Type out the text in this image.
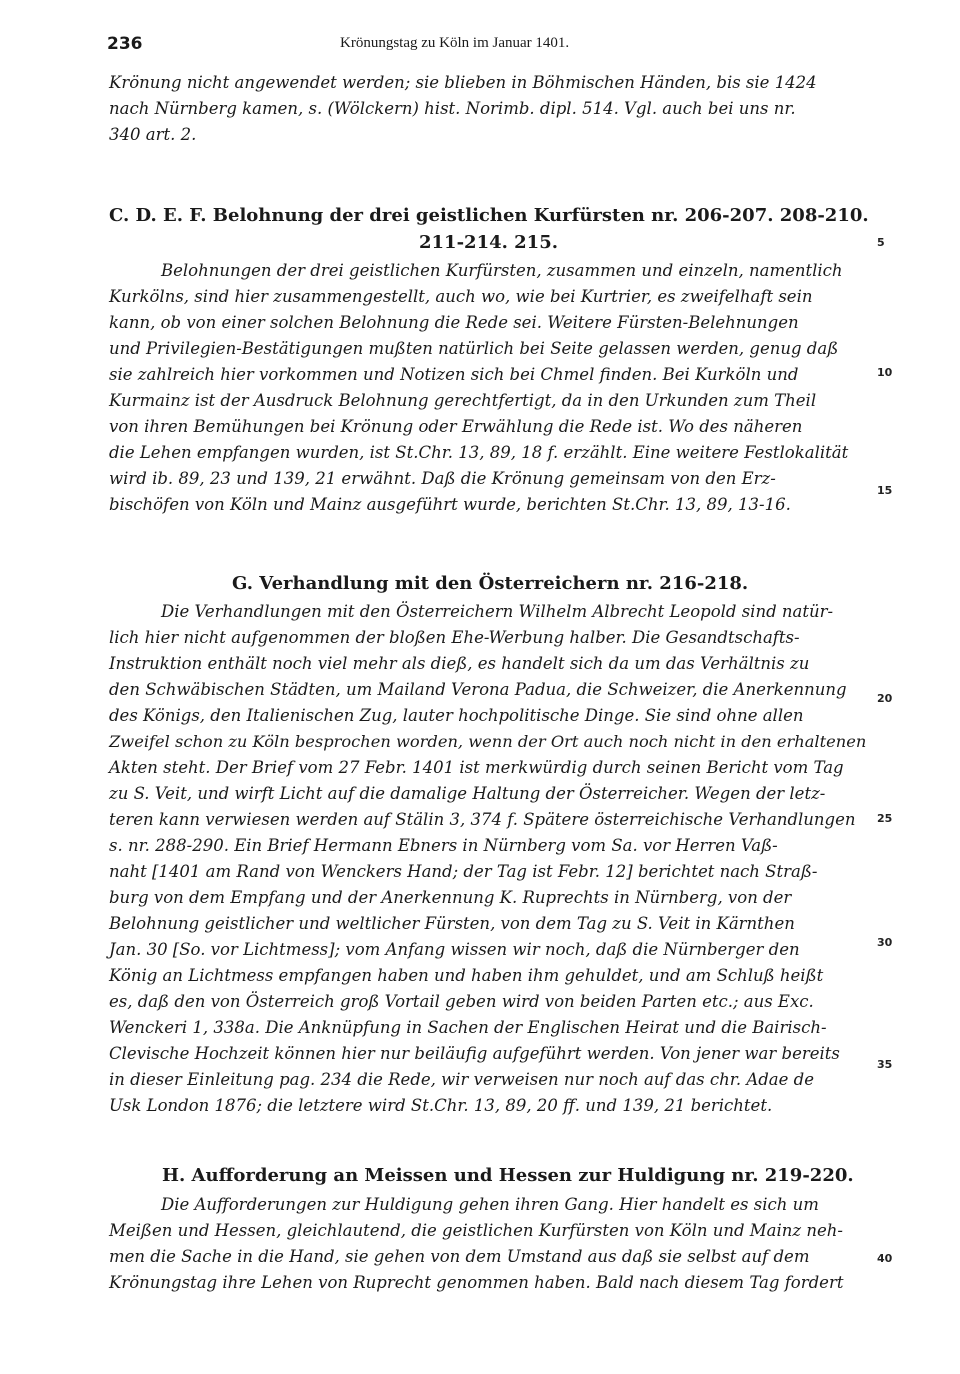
236	Krönungstag zu Köln im Januar 1401.
Krönung nicht angewendet werden; sie blieben in Böhmischen Händen, bis sie 1424
nach Nürnberg kamen, s. (Wölckern) hist. Norimb. dipl. 514. Vgl. auch bei uns nr.
340 art. 2.
C. D. E. F. Belohnung der drei geistlichen Kurfürsten nr. 206-207. 208-210.
211-214. 215.
Belohnungen der drei geistlichen Kurfürsten, zusammen und einzeln, namentlich
Kurkölns, sind hier zusammengestellt, auch wo, wie bei Kurtrier, es zweifelhaft sein
kann, ob von einer solchen Belohnung die Rede sei. Weitere Fürsten-Belehnungen
und Privilegien-Bestätigungen mußten natürlich bei Seite gelassen werden, genug daß
sie zahlreich hier vorkommen und Notizen sich bei Chmel finden. Bei Kurköln und
Kurmainz ist der Ausdruck Belohnung gerechtfertigt, da in den Urkunden zum Theil
von ihren Bemühungen bei Krönung oder Erwählung die Rede ist. Wo des näheren
die Lehen empfangen wurden, ist St.Chr. 13, 89, 18 f. erzählt. Eine weitere Festlokalität
wird ib. 89, 23 und 139, 21 erwähnt. Daß die Krönung gemeinsam von den Erz-
bischöfen von Köln und Mainz ausgeführt wurde, berichten St.Chr. 13, 89, 13-16.
G. Verhandlung mit den Österreichern nr. 216-218.
Die Verhandlungen mit den Österreichern Wilhelm Albrecht Leopold sind natür-
lich hier nicht aufgenommen der bloßen Ehe-Werbung halber. Die Gesandtschafts-
Instruktion enthält noch viel mehr als dieß, es handelt sich da um das Verhältnis zu
den Schwäbischen Städten, um Mailand Verona Padua, die Schweizer, die Anerkennung
des Königs, den Italienischen Zug, lauter hochpolitische Dinge. Sie sind ohne allen
Zweifel schon zu Köln besprochen worden, wenn der Ort auch noch nicht in den erhaltenen
Akten steht. Der Brief vom 27 Febr. 1401 ist merkwürdig durch seinen Bericht vom Tag
zu S. Veit, und wirft Licht auf die damalige Haltung der Österreicher. Wegen der letz-
teren kann verwiesen werden auf Stälin 3, 374 f. Spätere österreichische Verhandlungen
s. nr. 288-290. Ein Brief Hermann Ebners in Nürnberg vom Sa. vor Herren Vaß-
naht [1401 am Rand von Wenckers Hand; der Tag ist Febr. 12] berichtet nach Straß-
burg von dem Empfang und der Anerkennung K. Ruprechts in Nürnberg, von der
Belohnung geistlicher und weltlicher Fürsten, von dem Tag zu S. Veit in Kärnthen
Jan. 30 [So. vor Lichtmess]; vom Anfang wissen wir noch, daß die Nürnberger den
König an Lichtmess empfangen haben und haben ihm gehuldet, und am Schluß heißt
es, daß den von Österreich groß Vortail geben wird von beiden Parten etc.; aus Exc.
Wenckeri 1, 338a. Die Anknüpfung in Sachen der Englischen Heirat und die Bairisch-
Clevische Hochzeit können hier nur beiläufig aufgeführt werden. Von jener war bereits
in dieser Einleitung pag. 234 die Rede, wir verweisen nur noch auf das chr. Adae de
Usk London 1876; die letztere wird St.Chr. 13, 89, 20 ff. und 139, 21 berichtet.
H. Aufforderung an Meissen und Hessen zur Huldigung nr. 219-220.
Die Aufforderungen zur Huldigung gehen ihren Gang. Hier handelt es sich um
Meißen und Hessen, gleichlautend, die geistlichen Kurfürsten von Köln und Mainz neh-
men die Sache in die Hand, sie gehen von dem Umstand aus daß sie selbst auf dem
Krönungstag ihre Lehen von Ruprecht genommen haben. Bald nach diesem Tag fordert
5
10
15
20
25
30
35
40
